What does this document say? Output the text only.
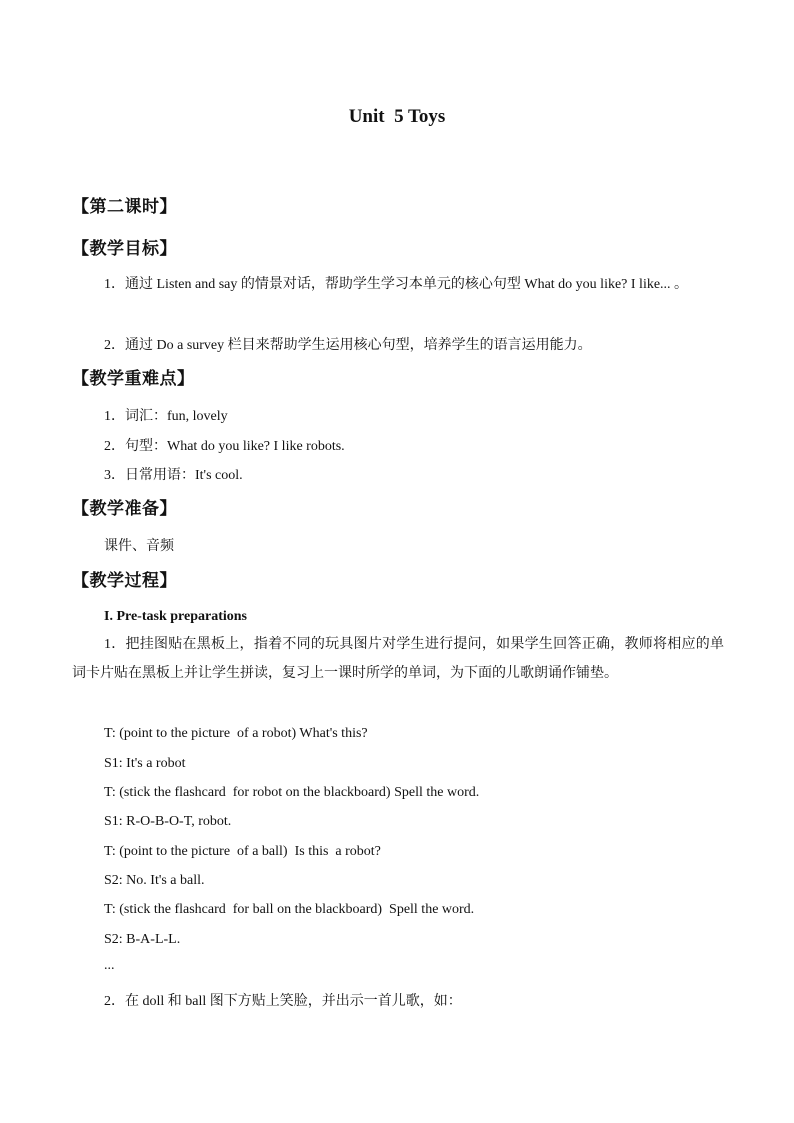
Unit  5 Toys
【第二课时】
【教学目标】
1．通过 Listen and say 的情景对话，帮助学生学习本单元的核心句型 What do you like? I like... 。
2．通过 Do a survey 栏目来帮助学生运用核心句型，培养学生的语言运用能力。
【教学重难点】
1．词汇：fun, lovely
2．句型：What do you like? I like robots.
3．日常用语：It's cool.
【教学准备】
课件、音频
【教学过程】
I. Pre-task preparations
1．把挂图贴在黑板上，指着不同的玩具图片对学生进行提问，如果学生回答正确，教师将相应的单词卡片贴在黑板上并让学生拼读，复习上一课时所学的单词，为下面的儿歌朗诵作铺垫。
T: (point to the picture  of a robot) What's this?
S1: It's a robot
T: (stick the flashcard  for robot on the blackboard) Spell the word.
S1: R-O-B-O-T, robot.
T: (point to the picture  of a ball)  Is this  a robot?
S2: No. It's a ball.
T: (stick the flashcard  for ball on the blackboard)  Spell the word.
S2: B-A-L-L.
...
2．在 doll 和 ball 图下方贴上笑脸，并出示一首儿歌，如：
